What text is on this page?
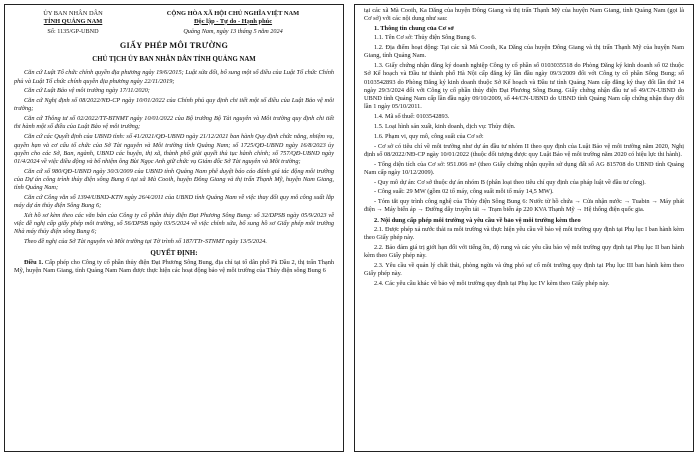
ỦY BAN NHÂN DÂN
TỈNH QUẢNG NAM
CỘNG HÒA XÃ HỘI CHỦ NGHĨA VIỆT NAM
Độc lập - Tự do - Hạnh phúc
Số: 1135/GP-UBND	Quảng Nam, ngày 13 tháng 5 năm 2024
GIẤY PHÉP MÔI TRƯỜNG
CHỦ TỊCH ỦY BAN NHÂN DÂN TỈNH QUẢNG NAM

Căn cứ Luật Tổ chức chính quyền địa phương ngày 19/6/2015; Luật sửa đổi, bổ sung một số điều của Luật Tổ chức Chính phủ và Luật Tổ chức chính quyền địa phương ngày 22/11/2019;

Căn cứ Luật Bảo vệ môi trường ngày 17/11/2020;

Căn cứ Nghị định số 08/2022/NĐ-CP ngày 10/01/2022 của Chính phủ quy định chi tiết một số điều của Luật Bảo vệ môi trường;

Căn cứ Thông tư số 02/2022/TT-BTNMT ngày 10/01/2022 của Bộ trưởng Bộ Tài nguyên và Môi trường quy định chi tiết thi hành một số điều của Luật Bảo vệ môi trường;

Căn cứ các Quyết định của UBND tỉnh: số 41/2021/QĐ-UBND ngày 21/12/2021 ban hành Quy định chức năng, nhiệm vụ, quyền hạn và cơ cấu tổ chức của Sở Tài nguyên và Môi trường tỉnh Quảng Nam; số 1725/QĐ-UBND ngày 16/8/2023 ủy quyền cho các Sở, Ban, ngành, UBND các huyện, thị xã, thành phố giải quyết thủ tục hành chính; số 757/QĐ-UBND ngày 01/4/2024 về việc điều động và bổ nhiệm ông Bùi Ngọc Anh giữ chức vụ Giám đốc Sở Tài nguyên và Môi trường;

Căn cứ số 980/QĐ-UBND ngày 30/3/2009 của UBND tỉnh Quảng Nam phê duyệt báo cáo đánh giá tác động môi trường của Dự án công trình thủy điện sông Bung 6 tại xã Mà Cooih, huyện Đông Giang và thị trấn Thạnh Mỹ, huyện Nam Giang, tỉnh Quảng Nam;

Căn cứ Công văn số 1394/UBND-KTN ngày 26/4/2011 của UBND tỉnh Quảng Nam về việc thay đổi quy mô công suất lắp máy dự án thủy điện Sông Bung 6;

Xét hồ sơ kèm theo các văn bản của Công ty cổ phần thủy điện Đạt Phương Sông Bung: số 32/DPSB ngày 05/9/2023 về việc đề nghị cấp giấy phép môi trường, số 56/DPSB ngày 03/5/2024 về việc chỉnh sửa, bổ sung hồ sơ Giấy phép môi trường Nhà máy thủy điện sông Bung 6;

Theo đề nghị của Sở Tài nguyên và Môi trường tại Tờ trình số 187/TTr-STNMT ngày 13/5/2024.

QUYẾT ĐỊNH:

Điều 1. Cấp phép cho Công ty cổ phần thủy điện Đạt Phương Sông Bung, địa chỉ tại tổ dân phố Pà Dầu 2, thị trấn Thạnh Mỹ, huyện Nam Giang, tỉnh Quảng Nam Nam được thực hiện các hoạt động bảo vệ môi trường của Thủy điện sông Bung 6

tại các xã Mà Cooih, Ka Dăng của huyện Đông Giang và thị trấn Thạnh Mỹ của huyện Nam Giang, tỉnh Quảng Nam (gọi là Cơ sở) với các nội dung như sau:

1. Thông tin chung của Cơ sở

1.1. Tên Cơ sở: Thủy điện Sông Bung 6.

1.2. Địa điểm hoạt động: Tại các xã Mà Cooih, Ka Dăng của huyện Đông Giang và thị trấn Thạnh Mỹ của huyện Nam Giang, tỉnh Quảng Nam.

1.3. Giấy chứng nhận đăng ký doanh nghiệp Công ty cổ phần số 0103035518 do Phòng Đăng ký kinh doanh số 02 thuộc Sở Kế hoạch và Đầu tư thành phố Hà Nội cấp đăng ký lần đầu ngày 09/3/2009 đổi với Công ty cổ phần Sông Bung; số 0103542893 do Phòng Đăng ký kinh doanh thuộc Sở Kế hoạch và Đầu tư tỉnh Quảng Nam cấp đăng ký thay đổi lần thứ 14 ngày 29/3/2024 đổi với Công ty cổ phần thủy điện Đạt Phương Sông Bung. Giấy chứng nhận đầu tư số 49/CN-UBND do UBND tỉnh Quảng Nam cấp lần đầu ngày 09/10/2009, số 44/CN-UBND do UBND tỉnh Quảng Nam cấp chứng nhận thay đổi lần 1 ngày 05/10/2011.

1.4. Mã số thuế: 0103542893.

1.5. Loại hình sản xuất, kinh doanh, dịch vụ: Thủy điện.

1.6. Phạm vi, quy mô, công suất của Cơ sở:

- Cơ sở có tiêu chí về môi trường như dự án đầu tư nhóm II theo quy định của Luật Bảo vệ môi trường năm 2020, Nghị định số 08/2022/NĐ-CP ngày 10/01/2022 (thuộc đối tượng được quy Luật Bảo vệ môi trường năm 2020 có hiệu lực thi hành).

- Tổng diện tích của Cơ sở: 951.066 m² (theo Giấy chứng nhận quyền sử dụng đất số AG 815708 do UBND tỉnh Quảng Nam cấp ngày 10/12/2009).

- Quy mô dự án: Cơ sở thuộc dự án nhóm B (phân loại theo tiêu chí quy định của pháp luật về đầu tư công).

- Công suất: 29 MW (gồm 02 tổ máy, công suất mỗi tổ máy 14,5 MW).

- Tóm tắt quy trình công nghệ của Thủy điện Sông Bung 6: Nước từ hồ chứa → Cửa nhận nước → Tuabin → Máy phát điện → Máy biến áp → Đường dây truyền tải → Trạm biến áp 220 KVA Thạnh Mỹ → Hệ thống điện quốc gia.

2. Nội dung cấp phép môi trường và yêu cầu về bảo vệ môi trường kèm theo

2.1. Được phép xả nước thải ra môi trường và thực hiện yêu cầu về bảo vệ môi trường quy định tại Phụ lục I ban hành kèm theo Giấy phép này.

2.2. Bảo đảm giá trị giới hạn đối với tiếng ồn, độ rung và các yêu cầu bảo vệ môi trường quy định tại Phụ lục II ban hành kèm theo Giấy phép này.

2.3. Yêu cầu về quản lý chất thải, phòng ngừa và ứng phó sự cố môi trường quy định tại Phụ lục III ban hành kèm theo Giấy phép này.

2.4. Các yêu cầu khác về bảo vệ môi trường quy định tại Phụ lục IV kèm theo Giấy phép này.
